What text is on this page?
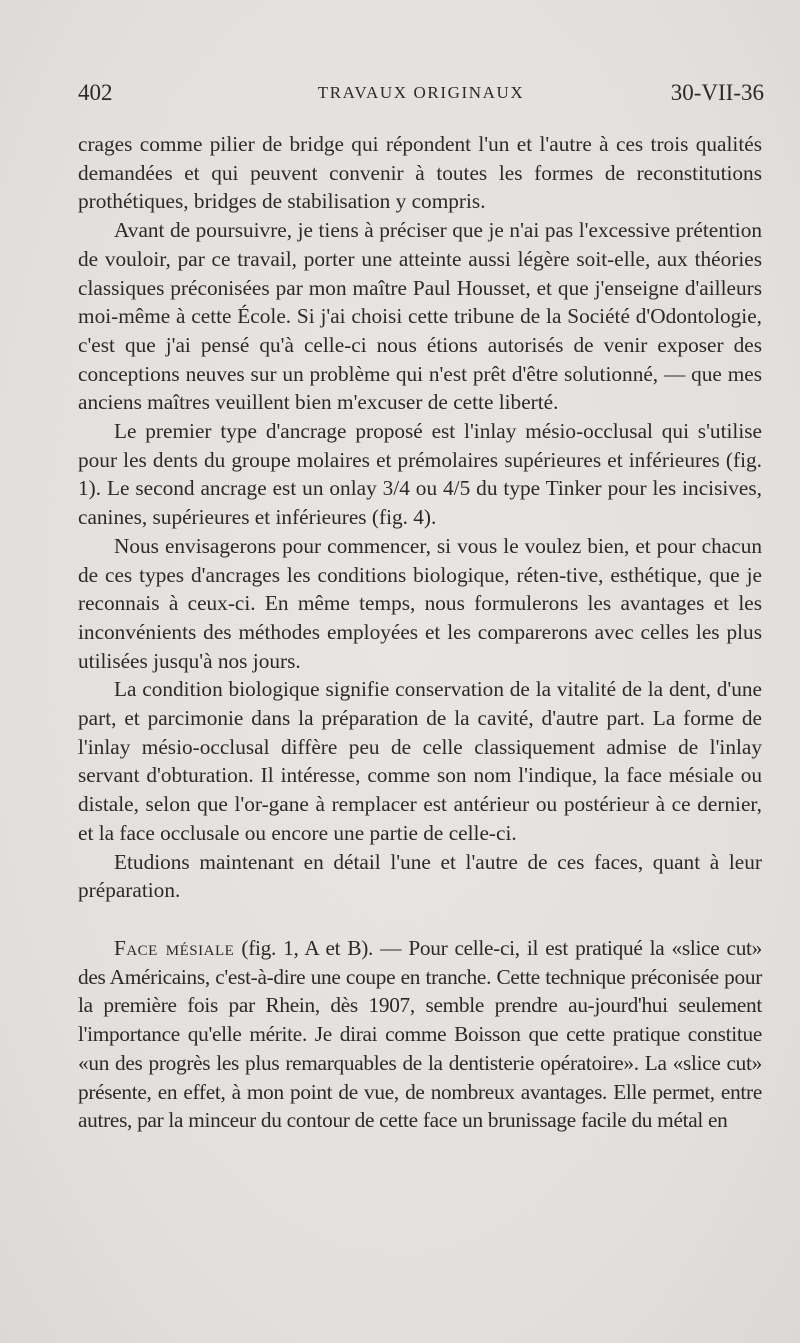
402	TRAVAUX ORIGINAUX	30-VII-36

crages comme pilier de bridge qui répondent l'un et l'autre à ces trois qualités demandées et qui peuvent convenir à toutes les formes de reconstitutions prothétiques, bridges de stabilisation y compris.

Avant de poursuivre, je tiens à préciser que je n'ai pas l'excessive prétention de vouloir, par ce travail, porter une atteinte aussi légère soit-elle, aux théories classiques préconisées par mon maître Paul Housset, et que j'enseigne d'ailleurs moi-même à cette École. Si j'ai choisi cette tribune de la Société d'Odontologie, c'est que j'ai pensé qu'à celle-ci nous étions autorisés de venir exposer des conceptions neuves sur un problème qui n'est prêt d'être solutionné, — que mes anciens maîtres veuillent bien m'excuser de cette liberté.

Le premier type d'ancrage proposé est l'inlay mésio-occlusal qui s'utilise pour les dents du groupe molaires et prémolaires supérieures et inférieures (fig. 1). Le second ancrage est un onlay 3/4 ou 4/5 du type Tinker pour les incisives, canines, supérieures et inférieures (fig. 4).

Nous envisagerons pour commencer, si vous le voulez bien, et pour chacun de ces types d'ancrages les conditions biologique, réten-tive, esthétique, que je reconnais à ceux-ci. En même temps, nous formulerons les avantages et les inconvénients des méthodes employées et les comparerons avec celles les plus utilisées jusqu'à nos jours.

La condition biologique signifie conservation de la vitalité de la dent, d'une part, et parcimonie dans la préparation de la cavité, d'autre part. La forme de l'inlay mésio-occlusal diffère peu de celle classiquement admise de l'inlay servant d'obturation. Il intéresse, comme son nom l'indique, la face mésiale ou distale, selon que l'or-gane à remplacer est antérieur ou postérieur à ce dernier, et la face occlusale ou encore une partie de celle-ci.

Etudions maintenant en détail l'une et l'autre de ces faces, quant à leur préparation.

Face mésiale (fig. 1, A et B). — Pour celle-ci, il est pratiqué la «slice cut» des Américains, c'est-à-dire une coupe en tranche. Cette technique préconisée pour la première fois par Rhein, dès 1907, semble prendre au-jourd'hui seulement l'importance qu'elle mérite. Je dirai comme Boisson que cette pratique constitue «un des progrès les plus remarquables de la dentisterie opératoire». La «slice cut» présente, en effet, à mon point de vue, de nombreux avantages. Elle permet, entre autres, par la minceur du contour de cette face un brunissage facile du métal en
